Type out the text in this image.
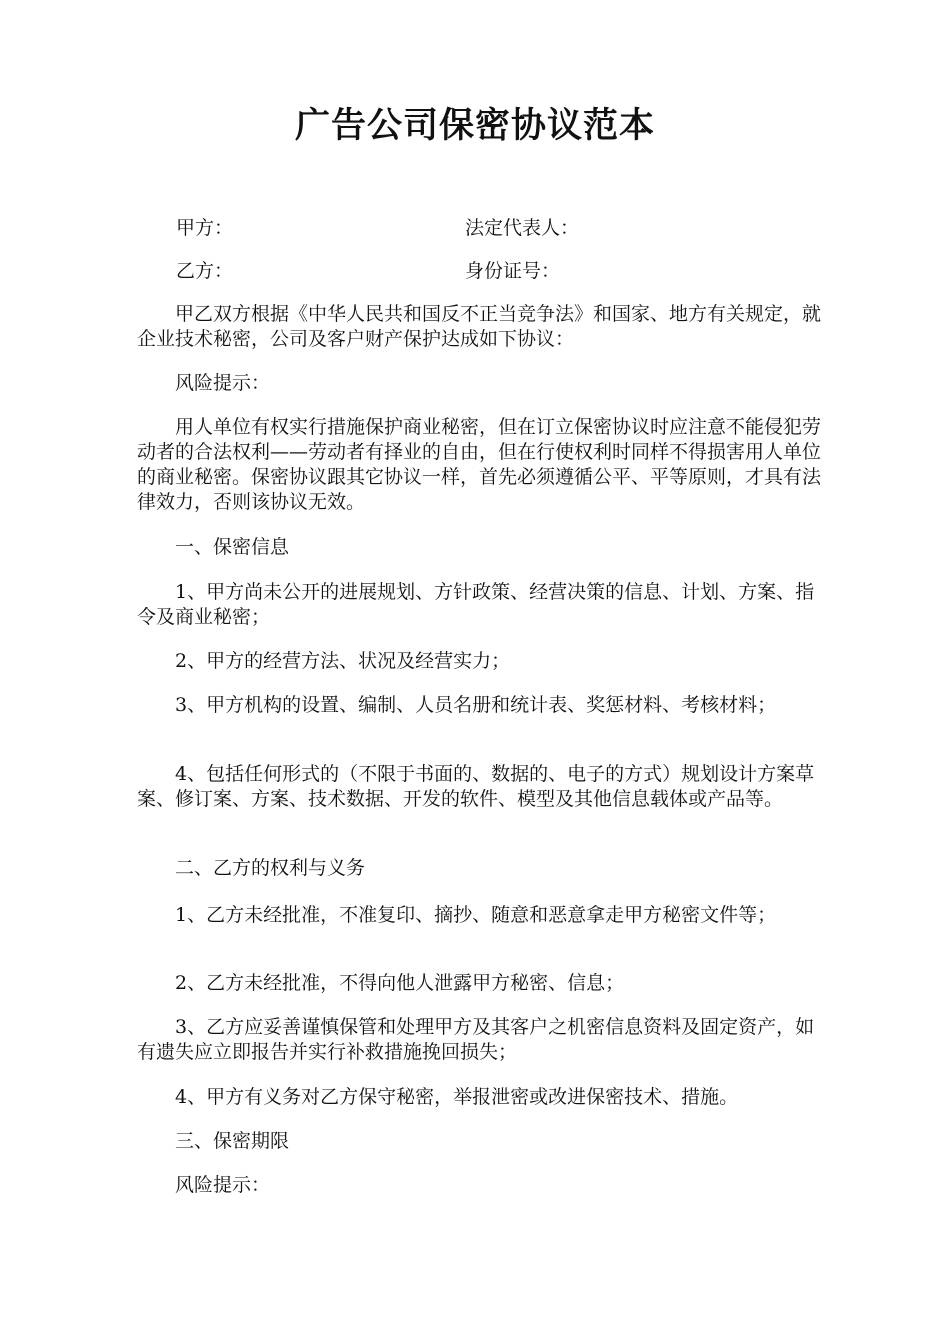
广告公司保密协议范本
甲方：	法定代表人：
乙方：	身份证号：

甲乙双方根据《中华人民共和国反不正当竞争法》和国家、地方有关规定，就企业技术秘密，公司及客户财产保护达成如下协议：

风险提示：

用人单位有权实行措施保护商业秘密，但在订立保密协议时应注意不能侵犯劳动者的合法权利——劳动者有择业的自由，但在行使权利时同样不得损害用人单位的商业秘密。保密协议跟其它协议一样，首先必须遵循公平、平等原则，才具有法律效力，否则该协议无效。

一、保密信息

1、甲方尚未公开的进展规划、方针政策、经营决策的信息、计划、方案、指令及商业秘密；

2、甲方的经营方法、状况及经营实力；

3、甲方机构的设置、编制、人员名册和统计表、奖惩材料、考核材料；

4、包括任何形式的（不限于书面的、数据的、电子的方式）规划设计方案草案、修订案、方案、技术数据、开发的软件、模型及其他信息载体或产品等。

二、乙方的权利与义务

1、乙方未经批准，不准复印、摘抄、随意和恶意拿走甲方秘密文件等；

2、乙方未经批准，不得向他人泄露甲方秘密、信息；

3、乙方应妥善谨慎保管和处理甲方及其客户之机密信息资料及固定资产，如有遗失应立即报告并实行补救措施挽回损失；

4、甲方有义务对乙方保守秘密，举报泄密或改进保密技术、措施。

三、保密期限

风险提示：
